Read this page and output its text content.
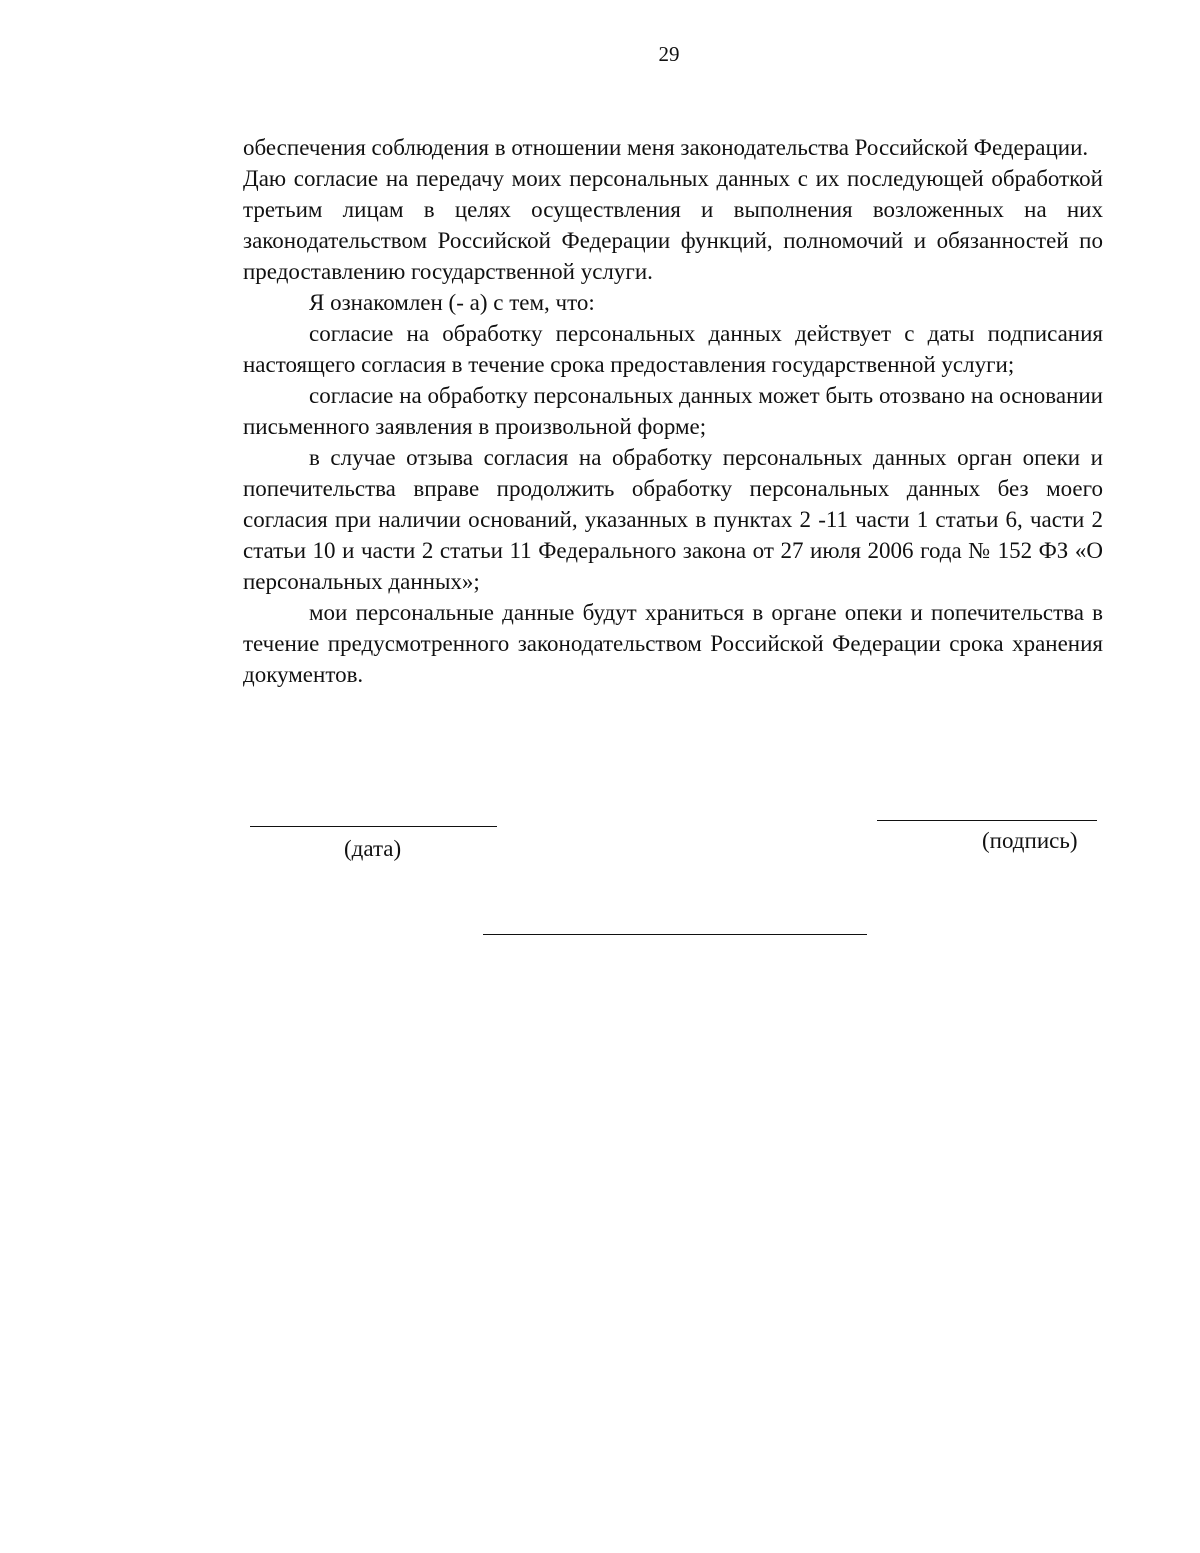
29

обеспечения соблюдения в отношении меня законодательства Российской Федерации.

Даю согласие на передачу моих персональных данных с их последующей обработкой третьим лицам в целях осуществления и выполнения возложенных на них законодательством Российской Федерации функций, полномочий и обязанностей по предоставлению государственной услуги.

Я ознакомлен (- а) с тем, что:

согласие на обработку персональных данных действует с даты подписания настоящего согласия в течение срока предоставления государственной услуги;

согласие на обработку персональных данных может быть отозвано на основании письменного заявления в произвольной форме;

в случае отзыва согласия на обработку персональных данных орган опеки и попечительства вправе продолжить обработку персональных данных без моего согласия при наличии оснований, указанных в пунктах 2 -11 части 1 статьи 6, части 2 статьи 10 и части 2 статьи 11 Федерального закона от 27 июля 2006 года № 152 ФЗ «О персональных данных»;

мои персональные данные будут храниться в органе опеки и попечительства в течение предусмотренного законодательством Российской Федерации срока хранения документов.

(дата)	(подпись)
